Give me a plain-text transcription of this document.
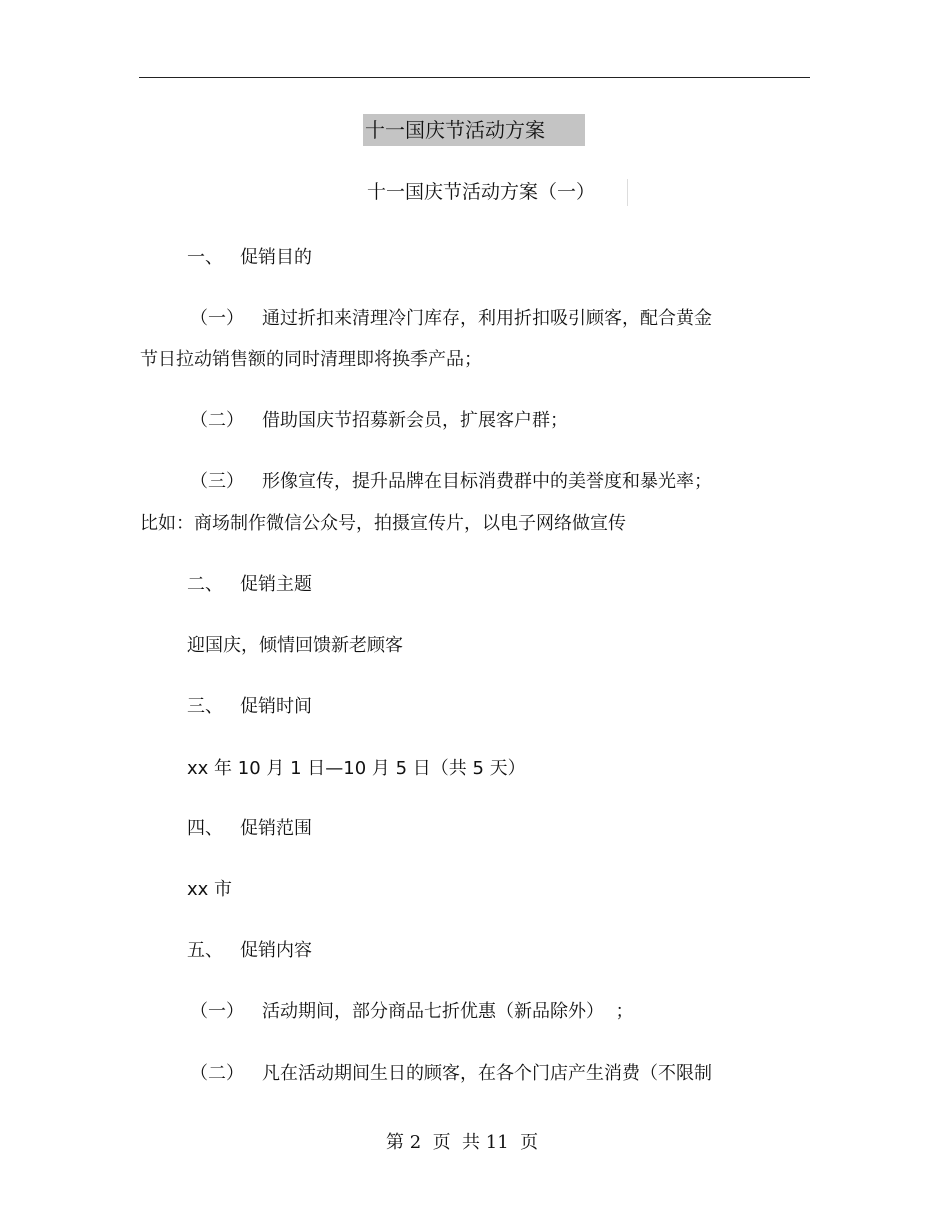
十一国庆节活动方案
十一国庆节活动方案（一）
一、 促销目的
（一） 通过折扣来清理冷门库存，利用折扣吸引顾客，配合黄金
节日拉动销售额的同时清理即将换季产品；
（二） 借助国庆节招募新会员，扩展客户群；
（三） 形像宣传，提升品牌在目标消费群中的美誉度和暴光率；
比如：商场制作微信公众号，拍摄宣传片，以电子网络做宣传
二、 促销主题
迎国庆，倾情回馈新老顾客
三、 促销时间
xx 年 10 月 1 日—10 月 5 日（共 5 天）
四、 促销范围
xx 市
五、 促销内容
（一） 活动期间，部分商品七折优惠（新品除外）  ；
（二） 凡在活动期间生日的顾客，在各个门店产生消费（不限制
第 2  页  共 11  页
